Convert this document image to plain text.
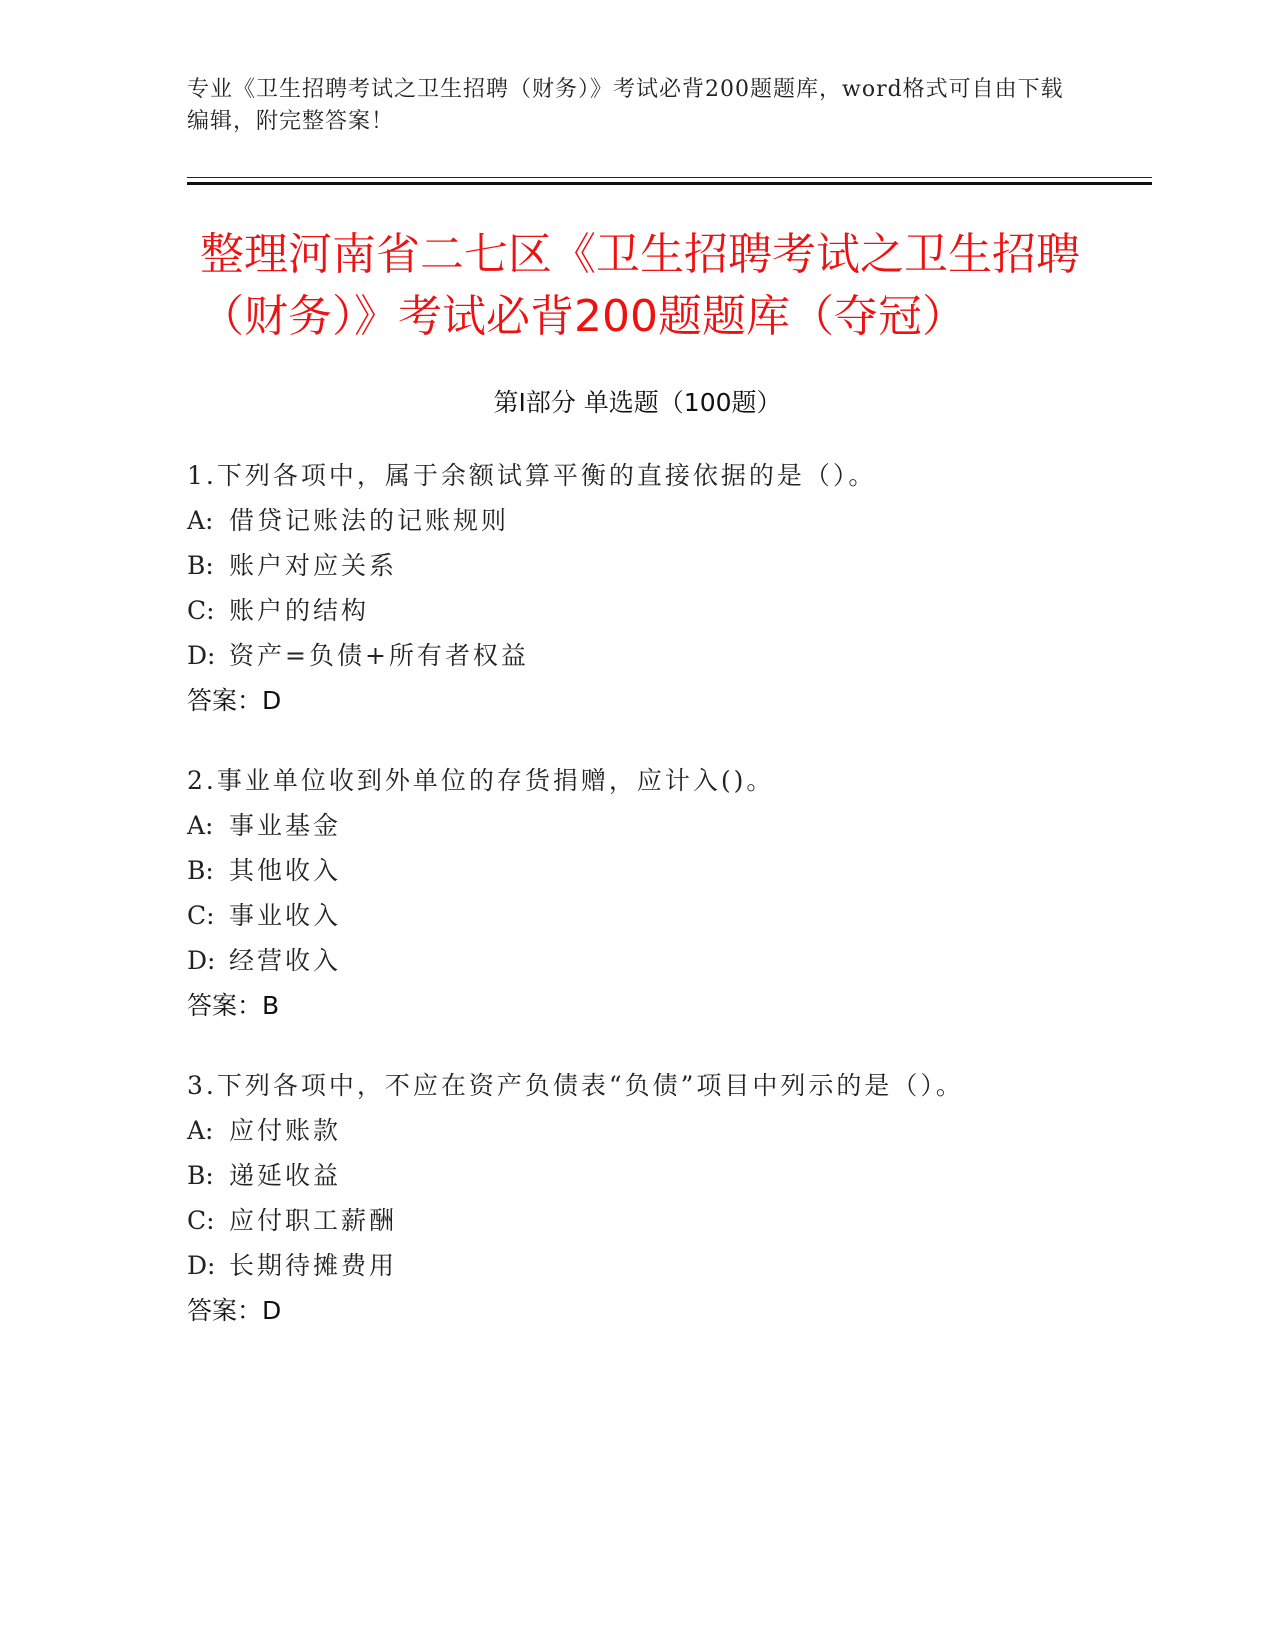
专业《卫生招聘考试之卫生招聘（财务）》考试必背200题题库，word格式可自由下载编辑，附完整答案！
整理河南省二七区《卫生招聘考试之卫生招聘（财务）》考试必背200题题库（夺冠）
第Ⅰ部分 单选题（100题）
1.下列各项中，属于余额试算平衡的直接依据的是（）。
A: 借贷记账法的记账规则
B: 账户对应关系
C: 账户的结构
D: 资产=负债+所有者权益
答案：D
2.事业单位收到外单位的存货捐赠，应计入()。
A: 事业基金
B: 其他收入
C: 事业收入
D: 经营收入
答案：B
3.下列各项中，不应在资产负债表“负债”项目中列示的是（）。
A: 应付账款
B: 递延收益
C: 应付职工薪酬
D: 长期待摊费用
答案：D
